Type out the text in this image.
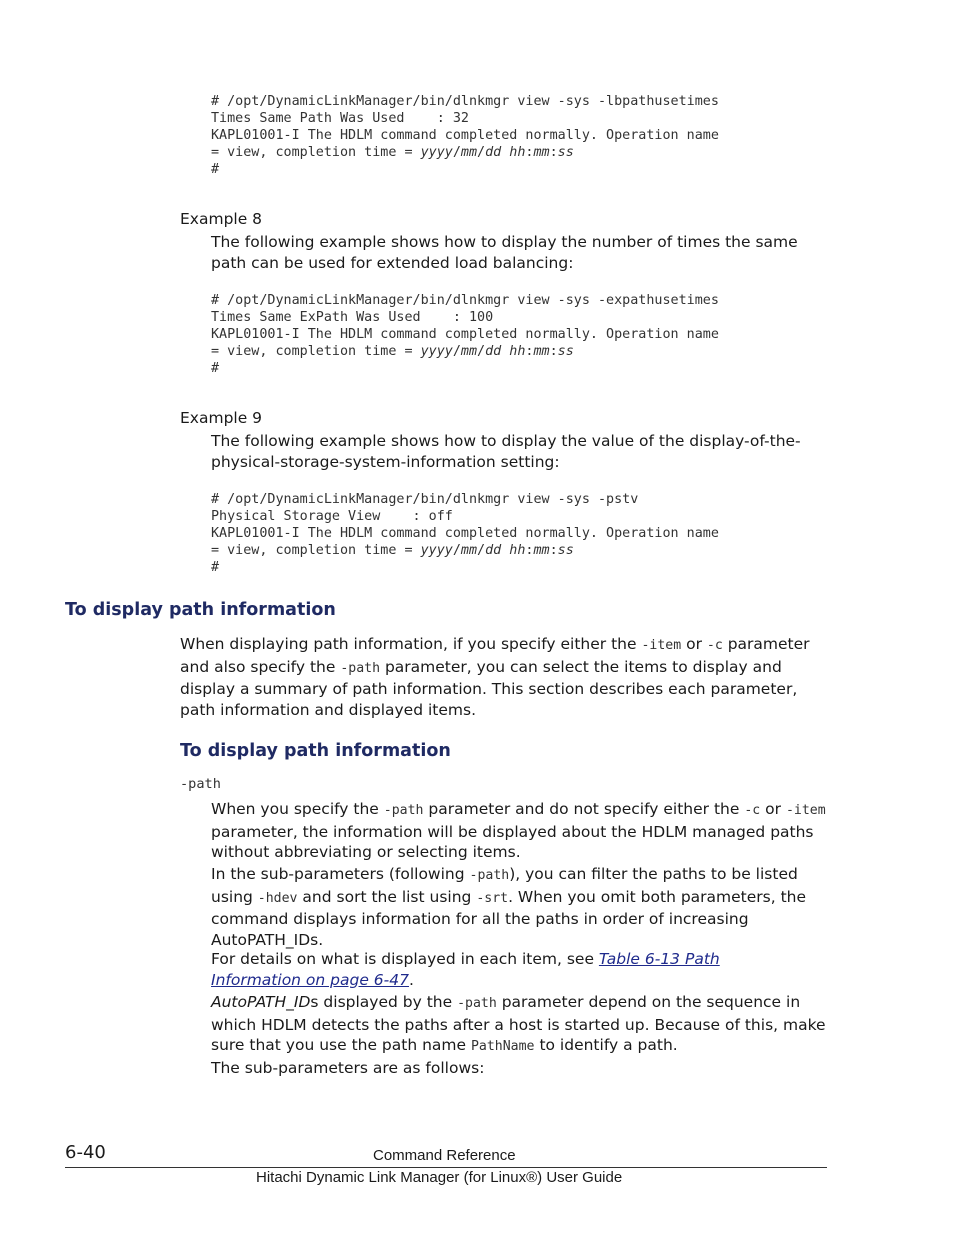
# /opt/DynamicLinkManager/bin/dlnkmgr view -sys -lbpathusetimes
Times Same Path Was Used    : 32
KAPL01001-I The HDLM command completed normally. Operation name
= view, completion time = yyyy/mm/dd hh:mm:ss
#
Example 8

The following example shows how to display the number of times the same path can be used for extended load balancing:

# /opt/DynamicLinkManager/bin/dlnkmgr view -sys -expathusetimes
Times Same ExPath Was Used    : 100
KAPL01001-I The HDLM command completed normally. Operation name
= view, completion time = yyyy/mm/dd hh:mm:ss
#
Example 9

The following example shows how to display the value of the display-of-the-physical-storage-system-information setting:

# /opt/DynamicLinkManager/bin/dlnkmgr view -sys -pstv
Physical Storage View    : off
KAPL01001-I The HDLM command completed normally. Operation name
= view, completion time = yyyy/mm/dd hh:mm:ss
#
To display path information

When displaying path information, if you specify either the -item or -c parameter and also specify the -path parameter, you can select the items to display and display a summary of path information. This section describes each parameter, path information and displayed items.

To display path information
-path

When you specify the -path parameter and do not specify either the -c or -item parameter, the information will be displayed about the HDLM managed paths without abbreviating or selecting items.

In the sub-parameters (following -path), you can filter the paths to be listed using -hdev and sort the list using -srt. When you omit both parameters, the command displays information for all the paths in order of increasing AutoPATH_IDs.

For details on what is displayed in each item, see Table 6-13 Path Information on page 6-47.

AutoPATH_IDs displayed by the -path parameter depend on the sequence in which HDLM detects the paths after a host is started up. Because of this, make sure that you use the path name PathName to identify a path.

The sub-parameters are as follows:

6-40	Command Reference
Hitachi Dynamic Link Manager (for Linux®) User Guide
